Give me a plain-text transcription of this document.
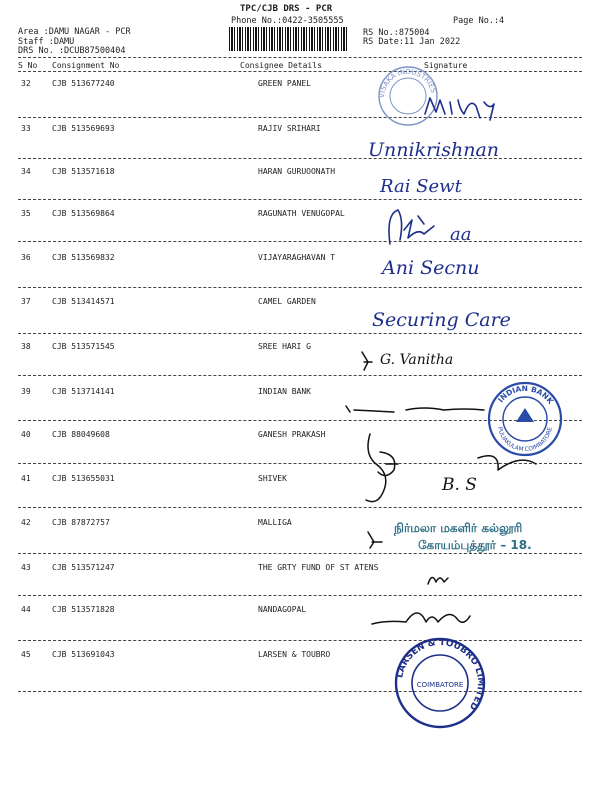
TPC/CJB DRS - PCR
Phone No.:0422-3505555	Page No.:4
Area :DAMU NAGAR - PCR
Staff :DAMU
DRS No. :DCUB87500404
RS No.:875004
RS Date:11 Jan 2022
S No Consignment No	Consignee Details	Signature
32	CJB 513677240	GREEN PANEL
33	CJB 513569693	RAJIV SRIHARI
34	CJB 513571618	HARAN GURUOONATH
35	CJB 513569864	RAGUNATH VENUGOPAL
36	CJB 513569832	VIJAYARAGHAVAN T
37	CJB 513414571	CAMEL GARDEN
38	CJB 513571545	SREE HARI G
39	CJB 513714141	INDIAN BANK
40	CJB 88049608	GANESH PRAKASH
41	CJB 513655031	SHIVEK
42	CJB 87872757	MALLIGA
43	CJB 513571247	THE GRTY FUND OF ST ATENS
44	CJB 513571828	NANDAGOPAL
45	CJB 513691043	LARSEN & TOUBRO
VISAKA INDUSTRIES
Unnikrishnan
Rai Sewt
aa
Ani Secnu
Securing Care
G. Vanitha
INDIAN BANK
PULIAKULAM COIMBATORE
B. S
நிர்மலா மகளிர் கல்லூரி
கோயம்புத்தூர் – 18.
LARSEN & TOUBRO LIMITED
COIMBATORE
